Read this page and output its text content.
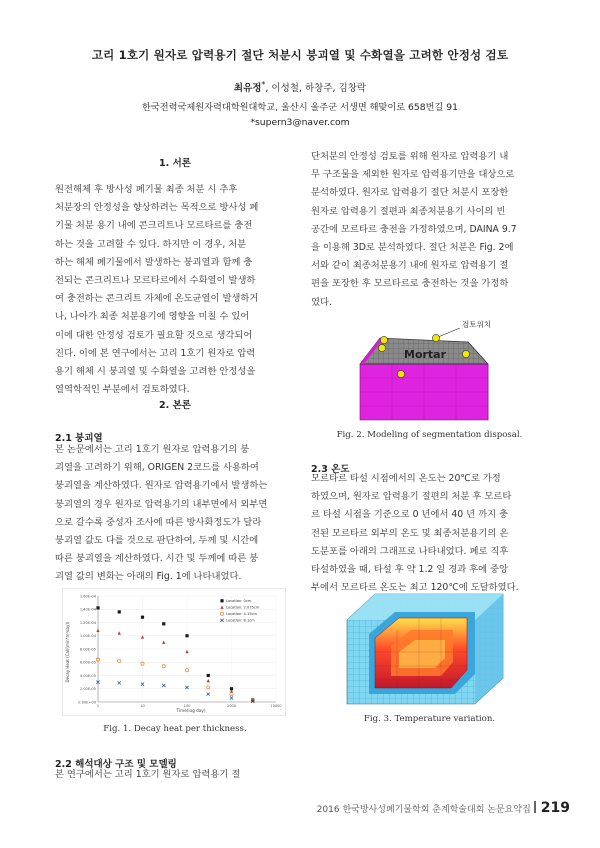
고리 1호기 원자로 압력용기 절단 처분시 붕괴열 및 수화열을 고려한 안정성 검토
최유정*, 이성철, 하창주, 김창락
한국전력국제원자력대학원대학교, 울산시 울주군 서생면 해맞이로 658번길 91
*supern3@naver.com
1. 서론
원전해체 후 방사성 폐기물 최종 처분 시 추후
처분장의 안정성을 향상하려는 목적으로 방사성 폐
기물 처분 용기 내에 콘크리트나 모르타르를 충전
하는 것을 고려할 수 있다. 하지만 이 경우, 처분
하는 해체 폐기물에서 발생하는 붕괴열과 함께 충
전되는 콘크리트나 모르타르에서 수화열이 발생하
여 충전하는 콘크리트 자체에 온도균열이 발생하거
나, 나아가 최종 처분용기에 영향을 미칠 수 있어
이에 대한 안정성 검토가 필요할 것으로 생각되어
진다. 이에 본 연구에서는 고리 1호기 원자로 압력
용기 해체 시 붕괴열 및 수화열을 고려한 안정성을
열역학적인 부분에서 검토하였다.
2. 본론
2.1 붕괴열
본 논문에서는 고리 1호기 원자로 압력용기의 붕
괴열을 고려하기 위해, ORIGEN 2코드를 사용하여
붕괴열을 계산하였다. 원자로 압력용기에서 발생하는
붕괴열의 경우 원자로 압력용기의 내부면에서 외부면
으로 갈수록 중성자 조사에 따른 방사화정도가 달라
붕괴열 값도 다를 것으로 판단하여, 두께 및 시간에
따른 붕괴열을 계산하였다. 시간 및 두께에 따른 붕
괴열 값의 변화는 아래의 Fig. 1에 나타내었다.
0.00E+00
2.00E-05
4.00E-05
6.00E-05
8.00E-05
1.00E-04
1.20E-04
1.40E-04
1.60E-04
1	10	100	1000	10000
Location: 0cm
Location: 2.075cm
Location: 4.15cm
Location: 8.1cm
Decay Heat (Cal/(min*m²day))
Time(log day)
Fig. 1. Decay heat per thickness.
2.2 해석대상 구조 및 모델링
본 연구에서는 고리 1호기 원자로 압력용기 절
단처분의 안정성 검토를 위해 원자로 압력용기 내
무 구조물을 제외한 원자로 압력용기만을 대상으로
분석하였다. 원자로 압력용기 절단 처분시 포장한
원자로 압력용기 절편과 최종처분용기 사이의 빈
공간에 모르타르 충전을 가정하였으며, DAINA 9.7
을 이용해 3D로 분석하였다. 절단 처분은 Fig. 2에
서와 같이 최종처분용기 내에 원자로 압력용기 절
편을 포장한 후 모르타르로 충전하는 것을 가정하
였다.
Mortar
검토위치
Fig. 2. Modeling of segmentation disposal.
2.3 온도
모르타르 타설 시점에서의 온도는 20℃로 가정
하였으며, 원자로 압력용기 절편의 처분 후 모르타
르 타설 시점을 기준으로 0 년에서 40 년 까지 충
전된 모르타르 외부의 온도 및 최종처분용기의 온
도분포를 아래의 그래프로 나타내었다. 폐로 직후
타설하였을 때, 타설 후 약 1.2 일 경과 후에 중앙
부에서 모르타르 온도는 최고 120℃에 도달하였다.
Fig. 3. Temperature variation.
2016 한국방사성폐기물학회 춘계학술대회 논문요약집 219
